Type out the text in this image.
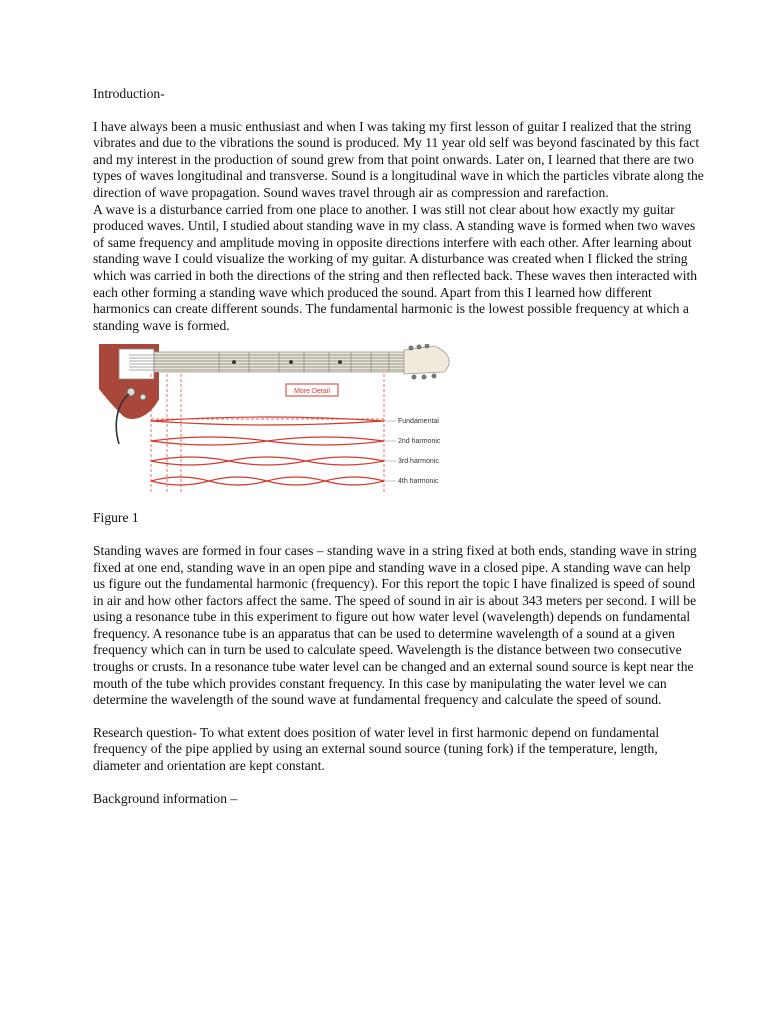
Introduction-

I have always been a music enthusiast and when I was taking my first lesson of guitar I realized that the string vibrates and due to the vibrations the sound is produced. My 11 year old self was beyond fascinated by this fact and my interest in the production of sound grew from that point onwards. Later on, I learned that there are two types of waves longitudinal and transverse. Sound is a longitudinal wave in which the particles vibrate along the direction of wave propagation. Sound waves travel through air as compression and rarefaction.

A wave is a disturbance carried from one place to another. I was still not clear about how exactly my guitar produced waves. Until, I studied about standing wave in my class. A standing wave is formed when two waves of same frequency and amplitude moving in opposite directions interfere with each other. After learning about standing wave I could visualize the working of my guitar. A disturbance was created when I flicked the string which was carried in both the directions of the string and then reflected back. These waves then interacted with each other forming a standing wave which produced the sound. Apart from this I learned how different harmonics can create different sounds. The fundamental harmonic is the lowest possible frequency at which a standing wave is formed.

More Detail
Fundamental
2nd harmonic
3rd harmonic
4th harmonic

Figure 1

Standing waves are formed in four cases – standing wave in a string fixed at both ends, standing wave in string fixed at one end, standing wave in an open pipe and standing wave in a closed pipe. A standing wave can help us figure out the fundamental harmonic (frequency). For this report the topic I have finalized is speed of sound in air and how other factors affect the same. The speed of sound in air is about 343 meters per second. I will be using a resonance tube in this experiment to figure out how water level (wavelength) depends on fundamental frequency. A resonance tube is an apparatus that can be used to determine wavelength of a sound at a given frequency which can in turn be used to calculate speed. Wavelength is the distance between two consecutive troughs or crusts. In a resonance tube water level can be changed and an external sound source is kept near the mouth of the tube which provides constant frequency. In this case by manipulating the water level we can determine the wavelength of the sound wave at fundamental frequency and calculate the speed of sound.

Research question- To what extent does position of water level in first harmonic depend on fundamental frequency of the pipe applied by using an external sound source (tuning fork) if the temperature, length, diameter and orientation are kept constant.

Background information –
